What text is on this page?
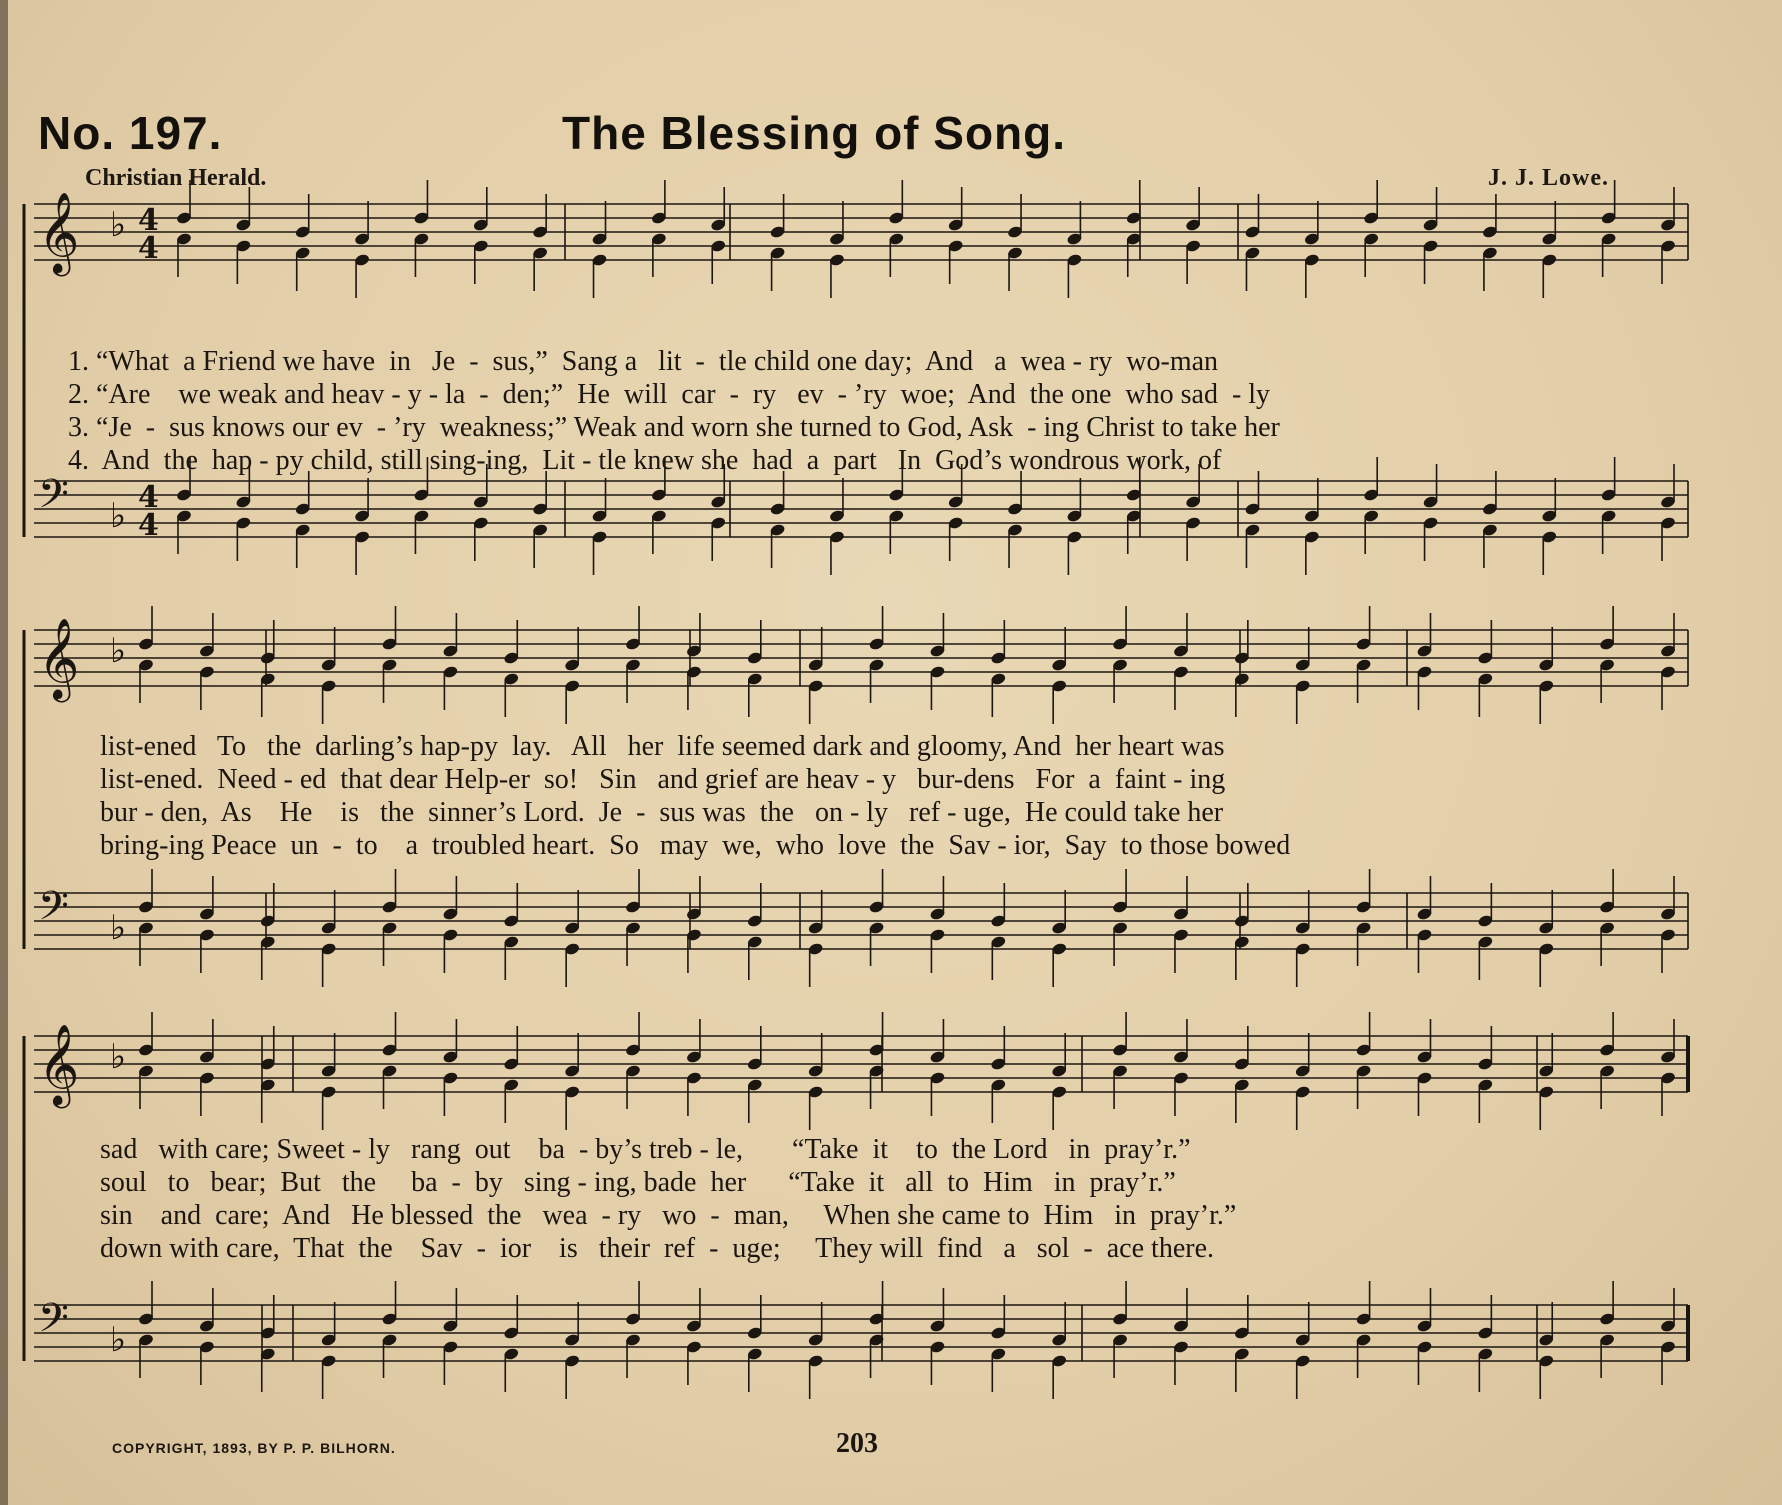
No. 197.	The Blessing of Song.
Christian Herald.	J. J. Lowe.
𝄞 ♭ 4
4
𝄢 ♭ 4
4
𝄞 ♭
𝄢 ♭
𝄞 ♭
𝄢 ♭
1. “What  a Friend we have  in   Je  -  sus,”  Sang a   lit  -  tle child one day;  And   a  wea - ry  wo-man
2. “Are    we weak and heav - y - la  -  den;”  He  will  car  -  ry   ev  - ’ry  woe;  And  the one  who sad  - ly
3. “Je  -  sus knows our ev  - ’ry  weakness;” Weak and worn she turned to God, Ask  - ing Christ to take her
4.  And  the  hap - py child, still sing-ing,  Lit - tle knew she  had  a  part   In  God’s wondrous work, of
list-ened   To   the  darling’s hap-py  lay.   All   her  life seemed dark and gloomy, And  her heart was
list-ened.  Need - ed  that dear Help-er  so!   Sin   and grief are heav - y   bur-dens   For  a  faint - ing
bur - den,  As    He    is   the  sinner’s Lord.  Je  -  sus was  the   on - ly   ref - uge,  He could take her
bring-ing Peace  un  -  to    a  troubled heart.  So   may  we,  who  love  the  Sav - ior,  Say  to those bowed
sad   with care; Sweet - ly   rang  out    ba  - by’s treb - le,       “Take  it    to  the Lord   in  pray’r.”
soul   to   bear;  But   the     ba  -  by   sing - ing, bade  her      “Take  it   all  to  Him   in  pray’r.”
sin    and  care;  And   He blessed  the   wea  - ry   wo  -  man,     When she came to  Him   in  pray’r.”
down with care,  That  the    Sav  -  ior    is   their  ref  -  uge;     They will  find   a   sol  -  ace there.
COPYRIGHT, 1893, BY P. P. BILHORN.	203
